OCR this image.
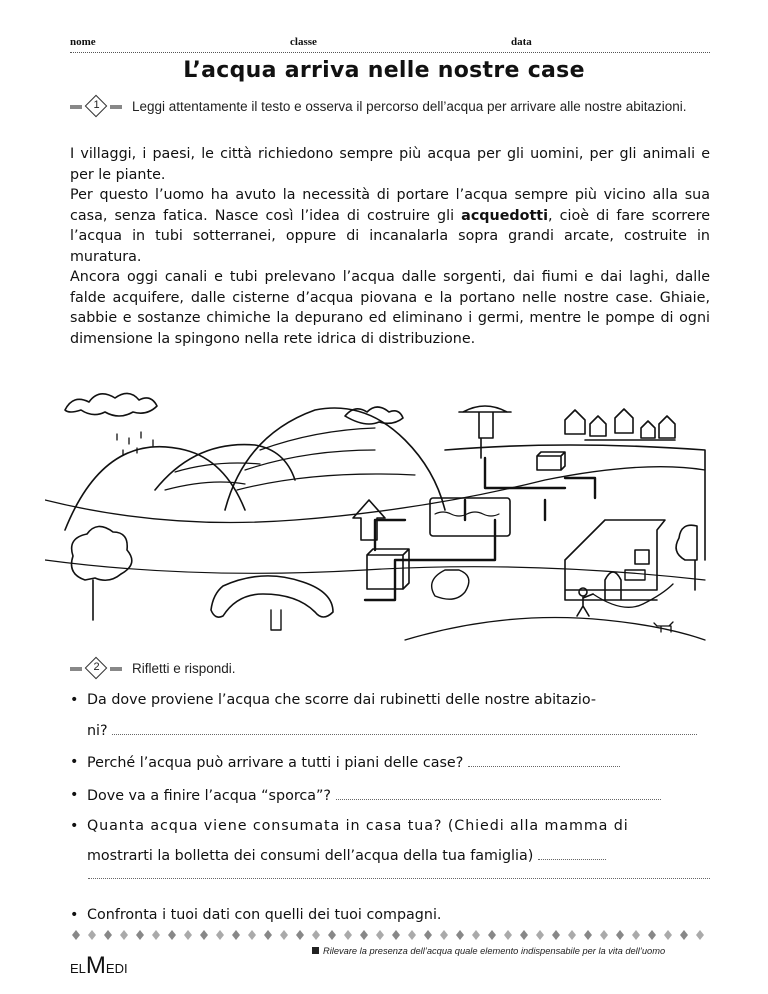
nome	classe	data
L’acqua arriva nelle nostre case
1	Leggi attentamente il testo e osserva il percorso dell’acqua per arrivare alle nostre abitazioni.

I villaggi, i paesi, le città richiedono sempre più acqua per gli uomini, per gli animali e per le piante.

Per questo l’uomo ha avuto la necessità di portare l’acqua sempre più vicino alla sua casa, senza fatica. Nasce così l’idea di costruire gli acquedotti, cioè di fare scorrere l’acqua in tubi sotterranei, oppure di incanalarla sopra grandi arcate, costruite in muratura.

Ancora oggi canali e tubi prelevano l’acqua dalle sorgenti, dai fiumi e dai laghi, dalle falde acquifere, dalle cisterne d’acqua piovana e la portano nelle nostre case. Ghiaie, sabbie e sostanze chimiche la depurano ed eliminano i germi, mentre le pompe di ogni dimensione la spingono nella rete idrica di distribuzione.

2	Rifletti e rispondi.
• Da dove proviene l’acqua che scorre dai rubinetti delle nostre abitazio-
ni?
• Perché l’acqua può arrivare a tutti i piani delle case?
• Dove va a finire l’acqua “sporca”?
• Quanta acqua viene consumata in casa tua? (Chiedi alla mamma di
mostrarti la bolletta dei consumi dell’acqua della tua famiglia)
• Confronta i tuoi dati con quelli dei tuoi compagni.
ELMEDI
Rilevare la presenza dell’acqua quale elemento indispensabile per la vita dell’uomo
